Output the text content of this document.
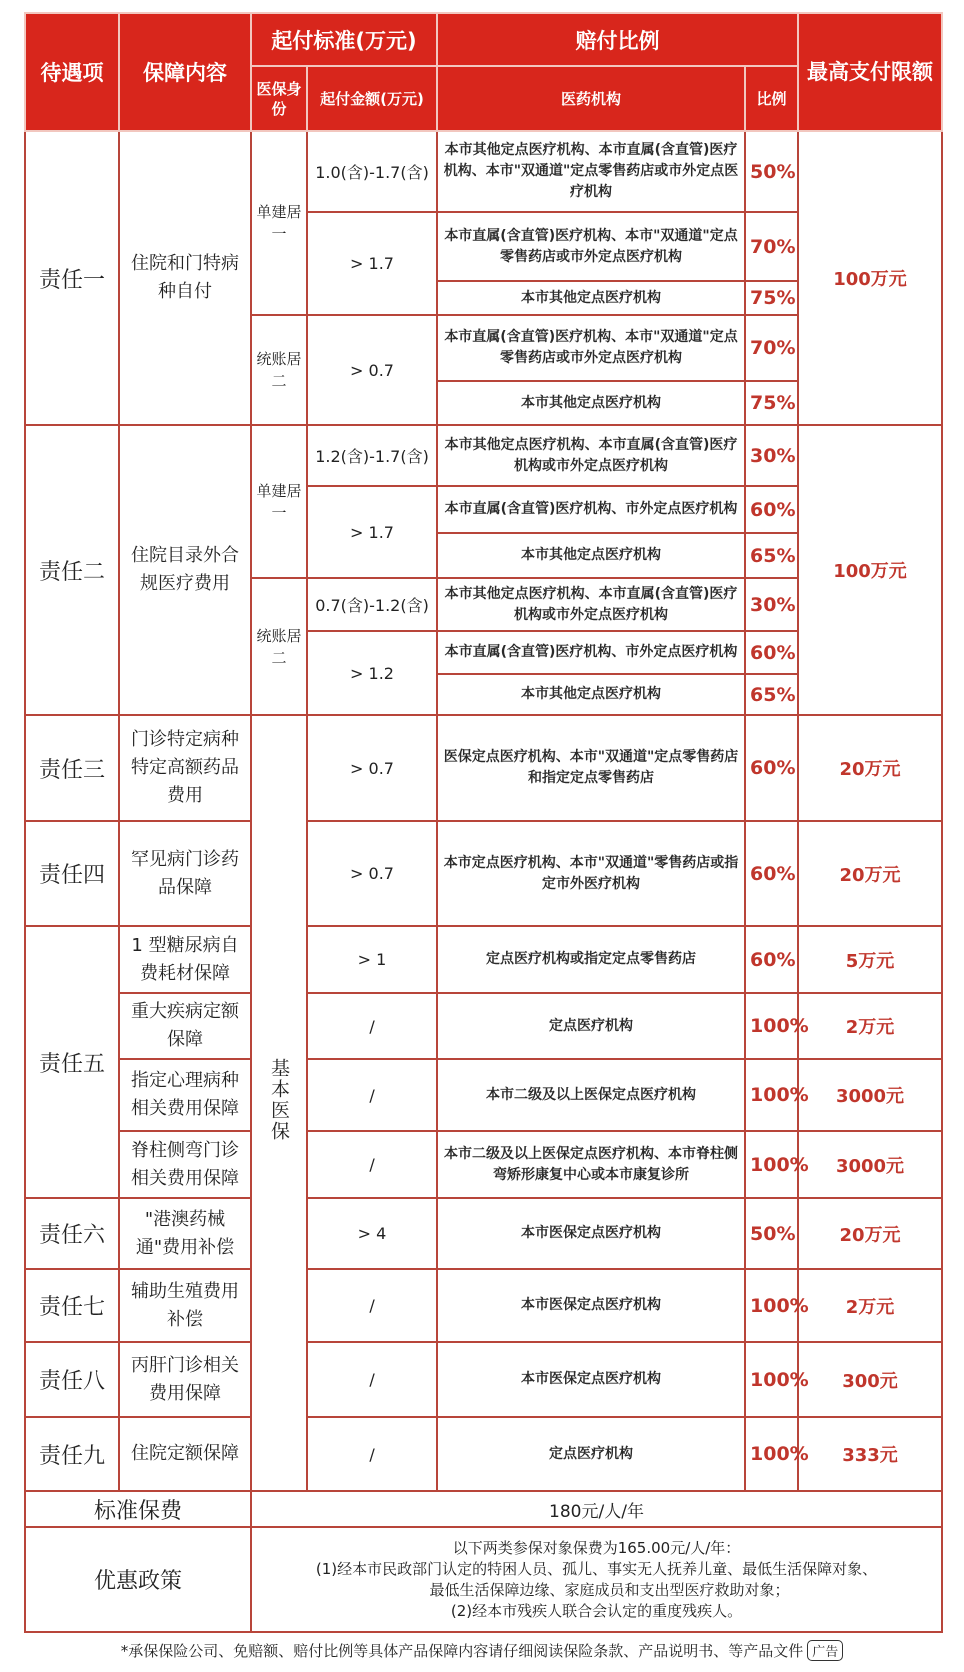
待遇项	保障内容	起付标准(万元)		赔付比例		最高支付限额
		医保身份	起付金额(万元)	医药机构	比例	
责任一	住院和门特病种自付	单建居一	1.0(含)-1.7(含)	本市其他定点医疗机构、本市直属(含直管)医疗机构、本市"双通道"定点零售药店或市外定点医疗机构	50%	100万元
			> 1.7	本市直属(含直管)医疗机构、本市"双通道"定点零售药店或市外定点医疗机构	70%	
				本市其他定点医疗机构	75%	
		统账居二	> 0.7	本市直属(含直管)医疗机构、本市"双通道"定点零售药店或市外定点医疗机构	70%	
				本市其他定点医疗机构	75%	
责任二	住院目录外合规医疗费用	单建居一	1.2(含)-1.7(含)	本市其他定点医疗机构、本市直属(含直管)医疗机构或市外定点医疗机构	30%	100万元
			> 1.7	本市直属(含直管)医疗机构、市外定点医疗机构	60%	
				本市其他定点医疗机构	65%	
		统账居二	0.7(含)-1.2(含)	本市其他定点医疗机构、本市直属(含直管)医疗机构或市外定点医疗机构	30%	
			> 1.2	本市直属(含直管)医疗机构、市外定点医疗机构	60%	
				本市其他定点医疗机构	65%	
责任三	门诊特定病种特定高额药品费用	基本医保	> 0.7	医保定点医疗机构、本市"双通道"定点零售药店和指定定点零售药店	60%	20万元
责任四	罕见病门诊药品保障		> 0.7	本市定点医疗机构、本市"双通道"零售药店或指定市外医疗机构	60%	20万元
责任五	1 型糖尿病自费耗材保障		> 1	定点医疗机构或指定定点零售药店	60%	5万元
	重大疾病定额保障		/	定点医疗机构	100%	2万元
	指定心理病种相关费用保障		/	本市二级及以上医保定点医疗机构	100%	3000元
	脊柱侧弯门诊相关费用保障		/	本市二级及以上医保定点医疗机构、本市脊柱侧弯矫形康复中心或本市康复诊所	100%	3000元
责任六	"港澳药械通"费用补偿		> 4	本市医保定点医疗机构	50%	20万元
责任七	辅助生殖费用补偿		/	本市医保定点医疗机构	100%	2万元
责任八	丙肝门诊相关费用保障		/	本市医保定点医疗机构	100%	300元
责任九	住院定额保障		/	定点医疗机构	100%	333元
标准保费		180元/人/年				
优惠政策		以下两类参保对象保费为165.00元/人/年：
(1)经本市民政部门认定的特困人员、孤儿、事实无人抚养儿童、最低生活保障对象、
最低生活保障边缘、家庭成员和支出型医疗救助对象；
(2)经本市残疾人联合会认定的重度残疾人。				
*承保保险公司、免赔额、赔付比例等具体产品保障内容请仔细阅读保险条款、产品说明书、等产品文件 广告
